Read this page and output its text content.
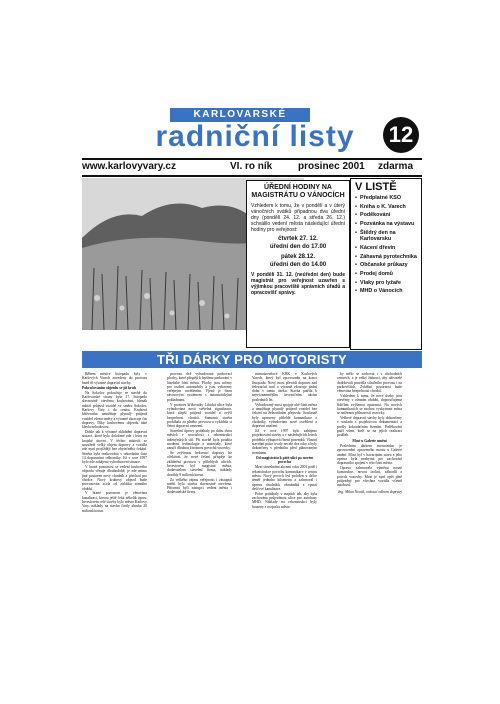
KARLOVARSKÉ
radniční listy	12
www.karlovyvary.cz	VI. ro ník	prosinec 2001 zdarma
ÚŘEDNÍ HODINY NA MAGISTRÁTU O VÁNOCÍCH
Vzhledem k tomu, že v pondělí a v úterý vánočních svátků připadnou dva úřední dny (pondělí 24. 12. a středa 26. 12.) schválilo vedení města následující úřední hodiny pro veřejnost:
čtvrtek 27. 12.
úřední den do 17.00
pátek 28.12.
úřední den do 14.00
V pondělí 31. 12. (neúřední den) bude magistrát pro veřejnost uzavřen s výjimkou pracoviště správních úřadů a opracovišť správy.
V LISTĚ
• Předplatné KSO
• Kniha o K. Varech
• Poděkování
• Pozvánka na výstavu
• Štědrý den na Karlovarsku
• Kácení dřevin
• Záhavná pyrotechnika
• Občanské průkazy
• Prodej domů
• Vlaky pro lyžaře
• MHD o Vánocích
TŘI DÁRKY PRO MOTORISTY

Během měsíce listopadu byly v Karlových Varech zavedeny do provozu hned tři výrazné dopravní stavby.

Pokračováním objezdu se již kruh

Na Sokolov pokračuje ve stavbě do Karlovarské strany byla 17. listopadu slavnostně otevřena kruhovámi, klenák nabízí průjezd vozidel ve směru Sokolov, Karlovy Vary i do centra. Kruhová křižovatka umožňuje plynulý průjezd vozidel všemi směry a výrazně zkracuje čas dopravy. Díky kruhovému objezdu také klesla nehodovost.

Dohle tak k výrazné zklidnění dopravní situace, které bylo doložené zde i letos na krajské úrovni. V těchto místech se soustředí velký objem dopravy a vozidla zde nyní projíždějí bez zbytečného čekání. Stavba byla realizována v rekordním čase 14 dopravními odborníky. Již v roce 1997 bylo zde zahájeno vyhodnocení situace.

V hrané pozornost se vedení kruhového objezdu věnuje dlouhodobě, je zde mimo jiné postaven nový chodník a přechod pro chodce. Nový kruhový objezd bude provozován zcela od začátku zimního období.

V hrané pozornost je věnována kanalizaci, kterou ještě čeká několik úprav. Investorem celé stavby bylo město Karlovy Vary, náklady na stavbu činily zhruba 20 milionů korun.

provozu dvě vybudované parkovací plochy, které přispějí k lepšímu parkování v lázeňské části města. Plochy jsou určeny pro osobní automobily a jsou vybaveny veřejným osvětlením. Vjezd je řízen závorovým systémem s automatickými pokladnami.

V prostoru křižovatky Libická ulice byla vybudována nová světelná signalizace, která zlepší průjezd vozidel a zvýší bezpečnost chodců. Samotná stavba probíhala za plného provozu a vyžádala si četná dopravní omezení.

Stavební úpravy probíhaly po dobu dvou měsíců v souvislosti s rekonstrukcí inženýrských sítí. Při stavbě byla použita moderní technologie a materiály, které zaručí dlouhou životnost povrchů vozovky.

Se zvýšenou frekvencí dopravy lze očekávat, že nové řešení přispěje ke zklidnění provozu v přilehlých ulicích. Investorem byl magistrát města, dodavatelem stavební firma, náklady dosáhly 9 milionů korun.

Za velkého zájmu veřejnosti i zástupců médií byla stavba slavnostně otevřena. Přítomni byli zástupci vedení města i dodavatelské firmy.

mimoúrovňové KŘK v Karlových Varech, který byl zprovozněn na konci listopadu. Nový most převádí dopravu nad železniční tratí a výrazně zkracuje jízdní dobu v tomto úseku. Stavba patřila k nejvýznamnějším investičním akcím posledních let.

Vybudovaný most spojuje obě části města a umožňuje plynulý průjezd vozidel bez čekání na železničním přejezdu. Současně byly upraveny přilehlé komunikace a chodníky, vybudováno nové osvětlení a dopravní značení.

Již v roce 1997 bylo zahájeno projektování stavby a v následujících letech proběhla výkupová řízení pozemků. Vlastní stavební práce trvaly necelé dva roky a byly dokončeny v předstihu před plánovaným termínem.

Od magistrátu k páté ulici po novém povrchu

Mezi stavebními akcemi roku 2001 patří i rekonstrukce povrchu komunikace v centru města. Nový povrch byl položen v délce téměř jednoho kilometru a zahrnoval i úpravu chodníků, obrubníků a vpustí dešťové kanalizace.

Práce probíhaly v etapách tak, aby byla zachována průjezdnost ulice pro autobusy MHD. Náklady na rekonstrukci byly hrazeny z rozpočtu města.

by mělo se zachovat i v obchodních centrech, a je velký žádoucí, aby uživatelé dodržovali pravidla silničního provozu i na parkovištích. Zvláštní pozornost bude věnována bezpečnosti chodců.

Vzhledem k tomu, že nové úseky jsou otevřeny v zimním období, doporučujeme řidičům zvýšenou opatrnost. Na nových komunikacích se mohou vyskytnout místa se sníženou přilnavostí vozovky.

Veškeré dopravní stavby byly dokončeny v souladu s projektovou dokumentací a prošly kolaudačním řízením. Poděkování patří všem, kteří se na jejich realizaci podíleli.

Most u Galerie umění

Posledním dárkem motoristům je zprovoznění opraveného mostu u Galerie umění. Most byl v havarijním stavu a jeho oprava byla nezbytná pro zachování dopravního spojení v této části města.

Oprava zahrnovala výměnu nosné konstrukce, novou izolaci, zábradlí a povrch vozovky. Most je nyní opět plně průjezdný pro všechna vozidla včetně autobusů.

Ing. Milan Novák, vedoucí odboru dopravy
